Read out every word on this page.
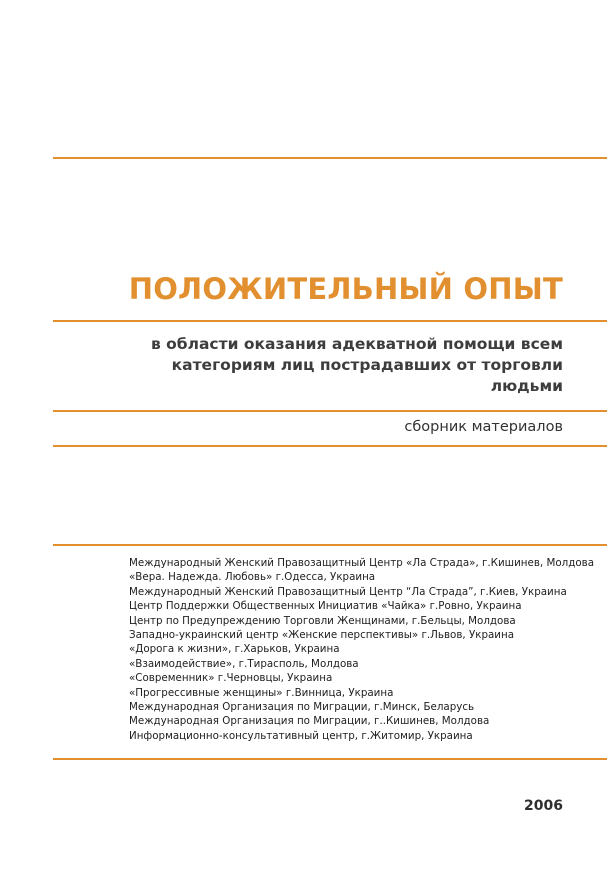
ПОЛОЖИТЕЛЬНЫЙ ОПЫТ
в области оказания адекватной помощи всем
категориям лиц пострадавших от торговли
людьми
сборник материалов
Международный Женский Правозащитный Центр «Ла Страда», г.Кишинев, Молдова
«Вера. Надежда. Любовь» г.Одесса, Украина
Международный Женский Правозащитный Центр “Ла Страда”, г.Киев, Украина
Центр Поддержки Общественных Инициатив «Чайка» г.Ровно, Украина
Центр по Предупреждению Торговли Женщинами, г.Бельцы, Молдова
Западно-украинский центр «Женские перспективы» г.Львов, Украина
«Дорога к жизни», г.Харьков, Украина
«Взаимодействие», г.Тирасполь, Молдова
«Современник» г.Черновцы, Украина
«Прогрессивные женщины» г.Винница, Украина
Международная Организация по Миграции, г.Минск, Беларусь
Международная Организация по Миграции, г..Кишинев, Молдова
Информационно-консультативный центр, г.Житомир, Украина
2006
